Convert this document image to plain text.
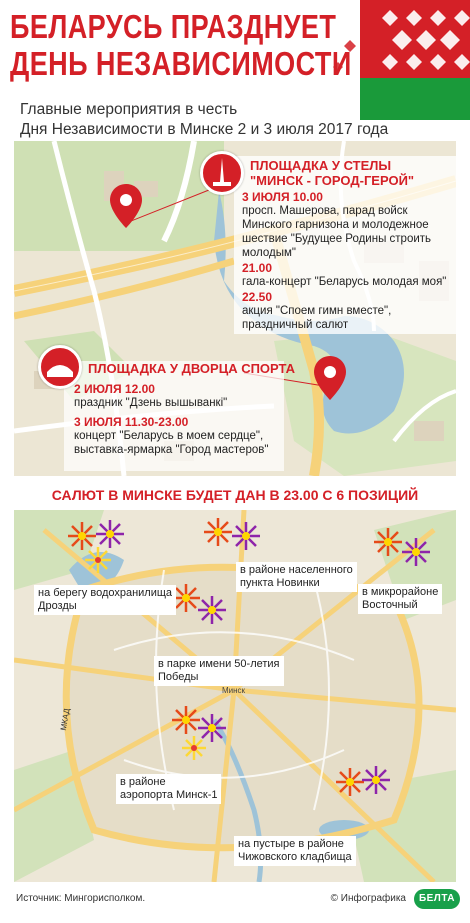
БЕЛАРУСЬ ПРАЗДНУЕТ
ДЕНЬ НЕЗАВИСИМОСТИ
Главные мероприятия в честь
Дня Независимости в Минске 2 и 3 июля 2017 года
ПЛОЩАДКА У СТЕЛЫ
"МИНСК - ГОРОД-ГЕРОЙ"
3 ИЮЛЯ 10.00
просп. Машерова, парад войск
Минского гарнизона и молодежное
шествие "Будущее Родины строить
молодым"
21.00
гала-концерт "Беларусь молодая моя"
22.50
акция "Споем гимн вместе",
праздничный салют
ПЛОЩАДКА У ДВОРЦА СПОРТА
2 ИЮЛЯ 12.00
праздник "Дзень вышыванкі"
3 ИЮЛЯ 11.30-23.00
концерт "Беларусь в моем сердце",
выставка-ярмарка "Город мастеров"
САЛЮТ В МИНСКЕ БУДЕТ ДАН В 23.00 С 6 ПОЗИЦИЙ
Минск
МКАД
на берегу водохранилища
Дрозды
в районе населенного
пункта Новинки
в микрорайоне
Восточный
в парке имени 50-летия
Победы
в районе
аэропорта Минск-1
на пустыре в районе
Чижовского кладбища
Источник: Мингорисполком.	© Инфографика	БЕЛТА
